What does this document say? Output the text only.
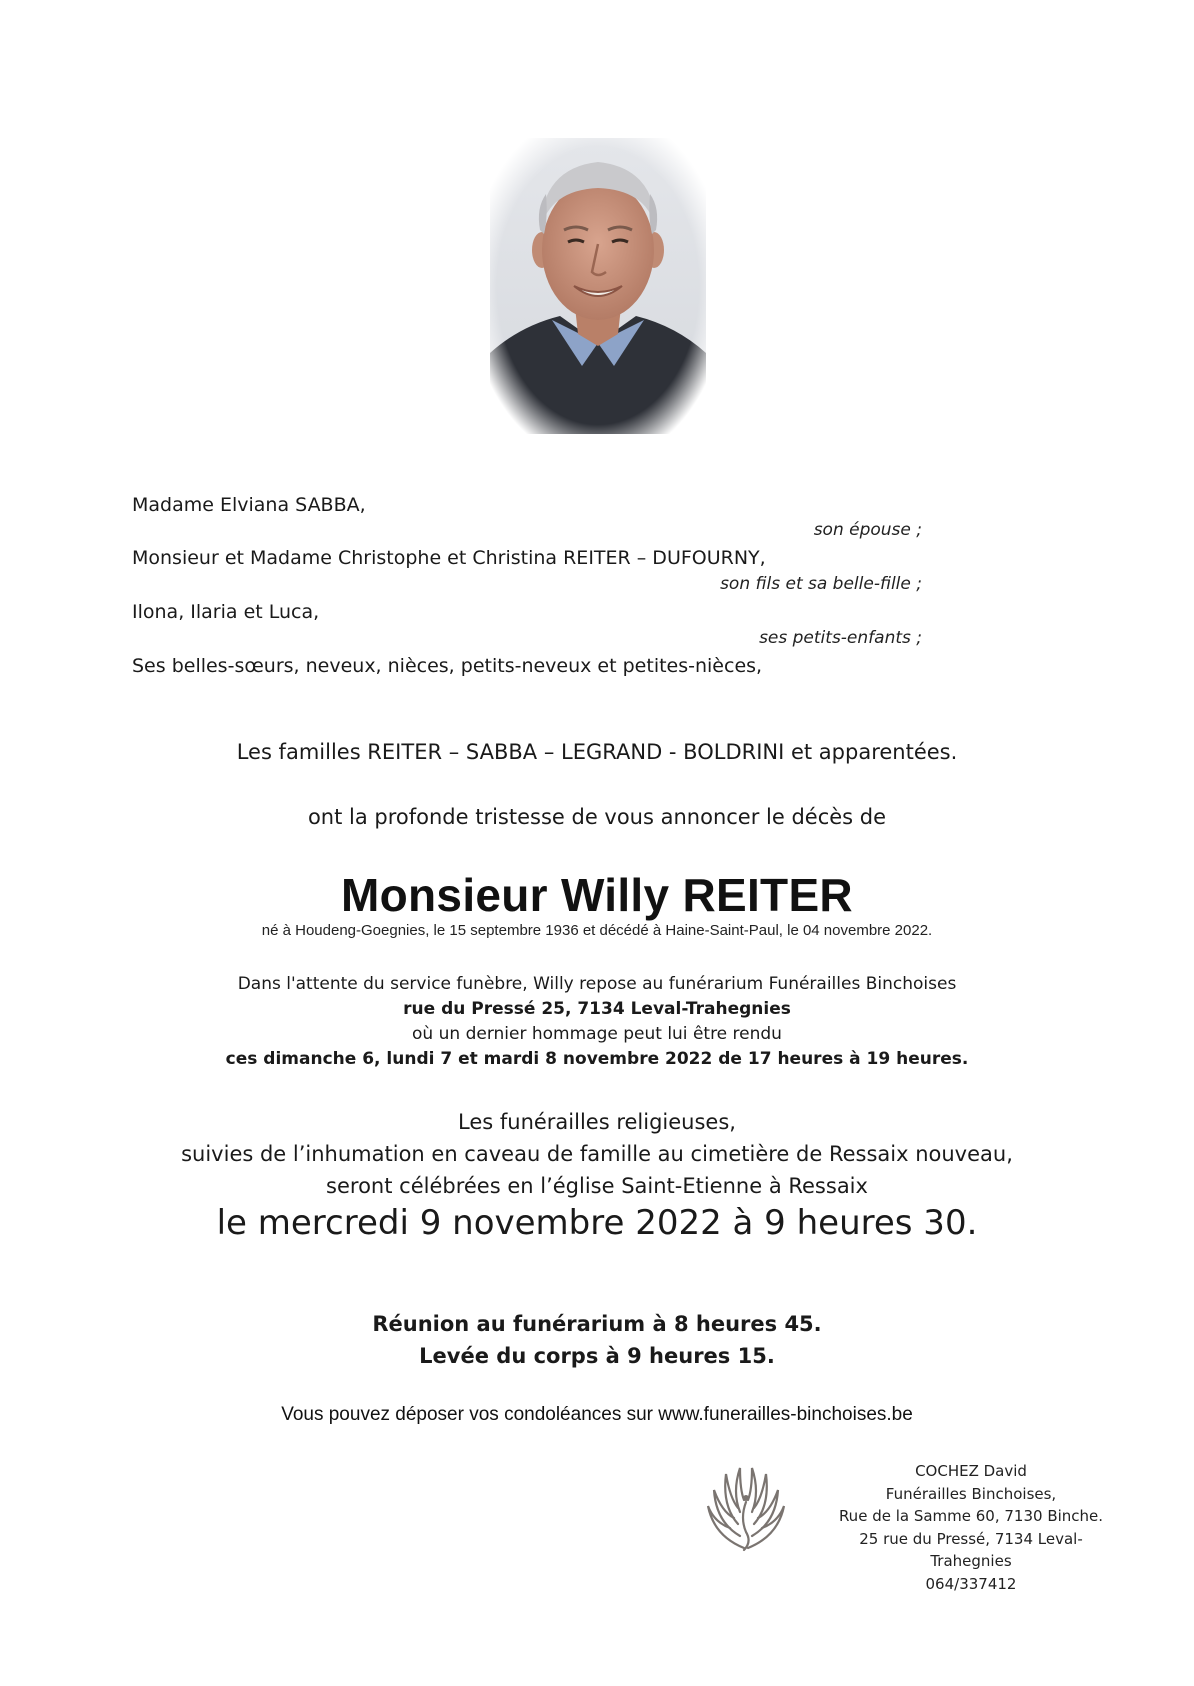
Madame Elviana SABBA,
son épouse ;
Monsieur et Madame Christophe et Christina REITER – DUFOURNY,
son fils et sa belle-fille ;
Ilona, Ilaria et Luca,
ses petits-enfants ;
Ses belles-sœurs, neveux, nièces, petits-neveux et petites-nièces,
Les familles REITER – SABBA – LEGRAND - BOLDRINI et apparentées.
ont la profonde tristesse de vous annoncer le décès de
Monsieur Willy REITER
né à Houdeng-Goegnies, le 15 septembre 1936 et décédé à Haine-Saint-Paul, le 04 novembre 2022.
Dans l'attente du service funèbre, Willy repose au funérarium Funérailles Binchoises
rue du Pressé 25, 7134 Leval-Trahegnies
où un dernier hommage peut lui être rendu
ces dimanche 6, lundi 7 et mardi 8 novembre 2022 de 17 heures à 19 heures.
Les funérailles religieuses,
suivies de l’inhumation en caveau de famille au cimetière de Ressaix nouveau,
seront célébrées en l’église Saint-Etienne à Ressaix
le mercredi 9 novembre 2022 à 9 heures 30.
Réunion au funérarium à 8 heures 45.
Levée du corps à 9 heures 15.
Vous pouvez déposer vos condoléances sur www.funerailles-binchoises.be
COCHEZ David
Funérailles Binchoises,
Rue de la Samme 60, 7130 Binche.
25 rue du Pressé, 7134 Leval-
Trahegnies
064/337412
